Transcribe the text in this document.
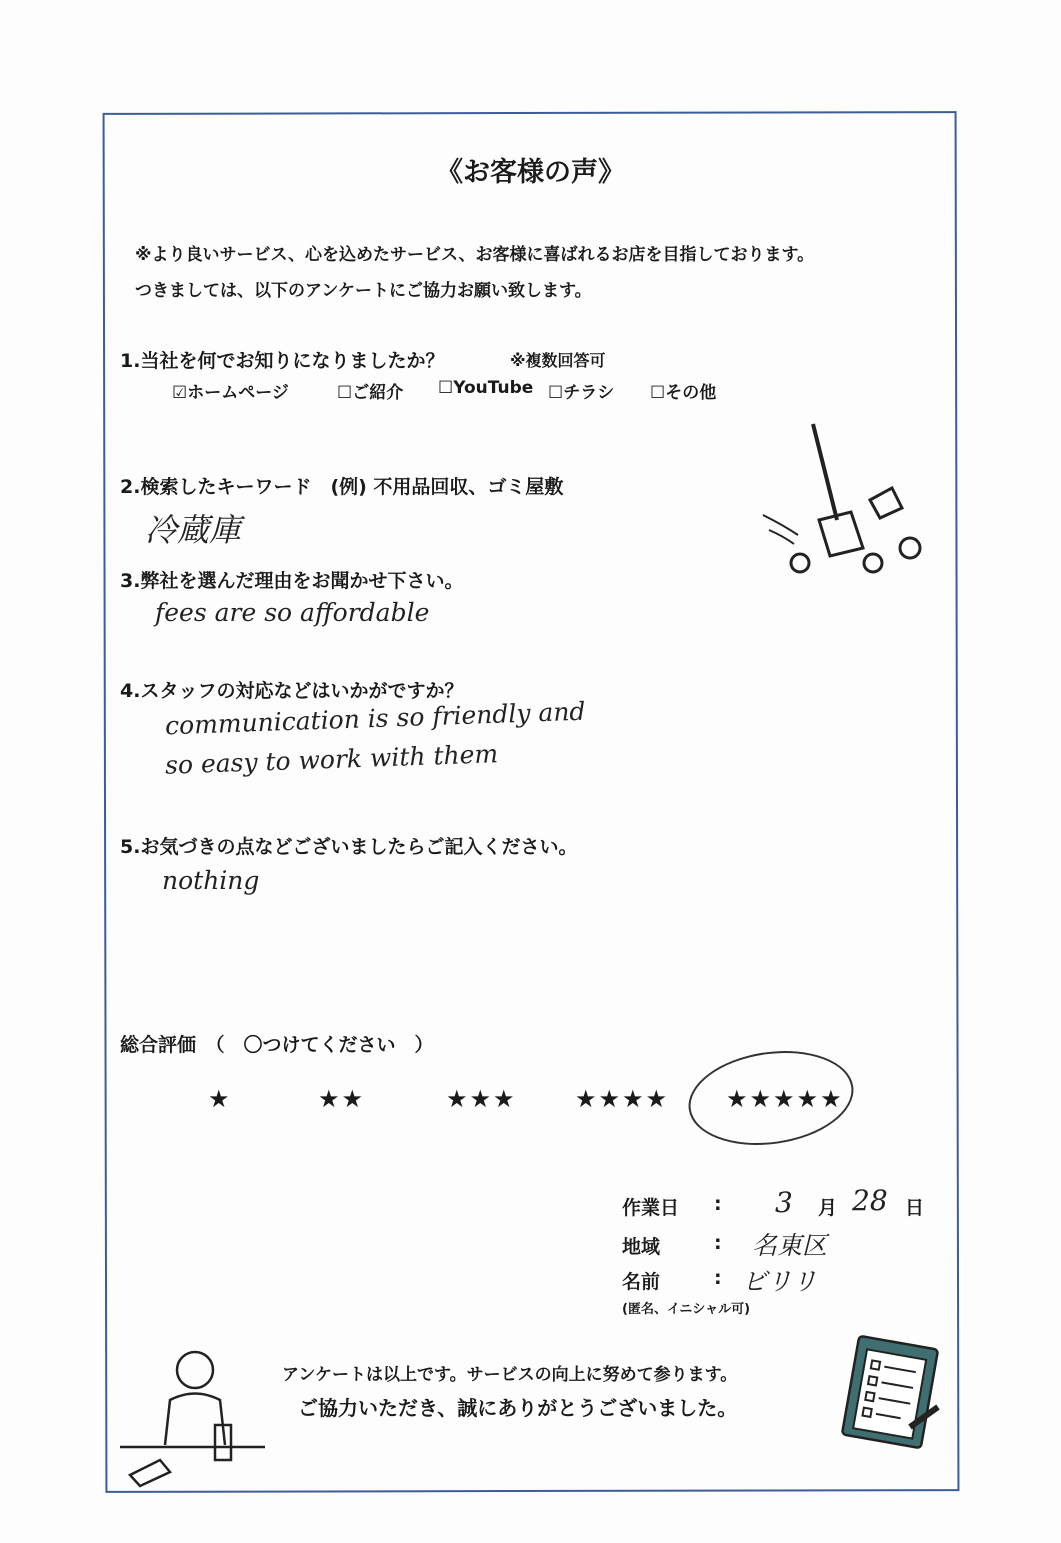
《お客様の声》
※より良いサービス、心を込めたサービス、お客様に喜ばれるお店を目指しております。
つきましては、以下のアンケートにご協力お願い致します。
1.当社を何でお知りになりましたか？	※複数回答可
☑ホームページ	☐ご紹介 ☐YouTube ☐チラシ ☐その他
2.検索したキーワード　(例) 不用品回収、ゴミ屋敷
冷蔵庫
3.弊社を選んだ理由をお聞かせ下さい。
fees are so affordable
4.スタッフの対応などはいかがですか？
communication is so friendly and
so easy to work with them
5.お気づきの点などございましたらご記入ください。
nothing
総合評価　（　〇つけてください　）
★	★★	★★★ ★★★★ ★★★★★
作業日 : 3 月 28 日
地域	: 名東区
名前	: ビリリ
(匿名、イニシャル可)
アンケートは以上です。サービスの向上に努めて参ります。
ご協力いただき、誠にありがとうございました。
